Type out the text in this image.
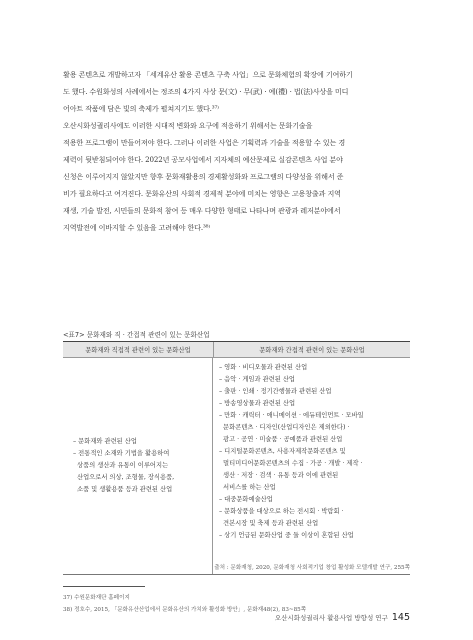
활용 콘텐츠로 개발하고자 「세계유산 활용 콘텐츠 구축 사업」으로 문화체험의 확장에 기여하기
도 했다. 수원화성의 사례에서는 정조의 4가지 사상 문(文) · 무(武) · 예(禮) · 법(法)사상을 미디
어아트 작품에 담은 빛의 축제가 펼쳐지기도 했다.³⁷⁾
오산시화성궐리사에도 이러한 시대적 변화와 요구에 적응하기 위해서는 문화기술을
적용한 프로그램이 만들어져야 한다. 그러나 이러한 사업은 기획력과 기술을 적용할 수 있는 경
제력이 뒷받침되어야 한다. 2022년 공모사업에서 지자체의 예산문제로 실감콘텐츠 사업 분야
신청은 이루어지지 않았지만 향후 문화재활용의 경제활성화와 프로그램의 다양성을 위해서 준
비가 필요하다고 여겨진다. 문화유산의 사회적 경제적 분야에 미치는 영향은 고용창출과 지역
재생, 기술 발전, 시민들의 문화적 참여 등 매우 다양한 형태로 나타나며 관광과 레저분야에서
지역발전에 이바지할 수 있음을 고려해야 한다.³⁸⁾
<표7> 문화재와 직 · 간접적 관련이 있는 문화산업
문화재와 직접적 관련이 있는 문화산업	문화재와 간접적 관련이 있는 문화산업
– 문화재와 관련된 산업
– 전통적인 소재와 기법을 활용하여
상품의 생산과 유통이 이루어지는
산업으로서 의상, 조형물, 장식용품,
소품 및 생활용품 등과 관련된 산업
– 영화 · 비디오물과 관련된 산업
– 음악 · 게임과 관련된 산업
– 출판 · 인쇄 · 정기간행물과 관련된 산업
– 방송영상물과 관련된 산업
– 만화 · 캐릭터 · 애니메이션 · 에듀테인먼트 · 모바일
문화콘텐츠 · 디자인(산업디자인은 제외한다) ·
광고 · 공연 · 미술품 · 공예품과 관련된 산업
– 디지털문화콘텐츠, 사용자제작문화콘텐츠 및
멀티미디어문화콘텐츠의 수집 · 가공 · 개발 · 제작 ·
생산 · 저장 · 검색 · 유통 등과 이에 관련된
서비스를 하는 산업
– 대중문화예술산업
– 문화상품을 대상으로 하는 전시회 · 박람회 ·
견본시장 및 축제 등과 관련된 산업
– 상기 언급된 문화산업 중 둘 이상이 혼합된 산업
출처 : 문화재청, 2020, 문화재청 사회적기업 창업 활성화 모델개발 연구, 255쪽
37) 수원문화재단 홈페이지
38) 정호수, 2015, 「문화유산산업에서 문화유산의 가치와 활성화 방안」, 문화재48(2), 83~85쪽
오산시화성궐리사 활용사업 방향성 연구 145
